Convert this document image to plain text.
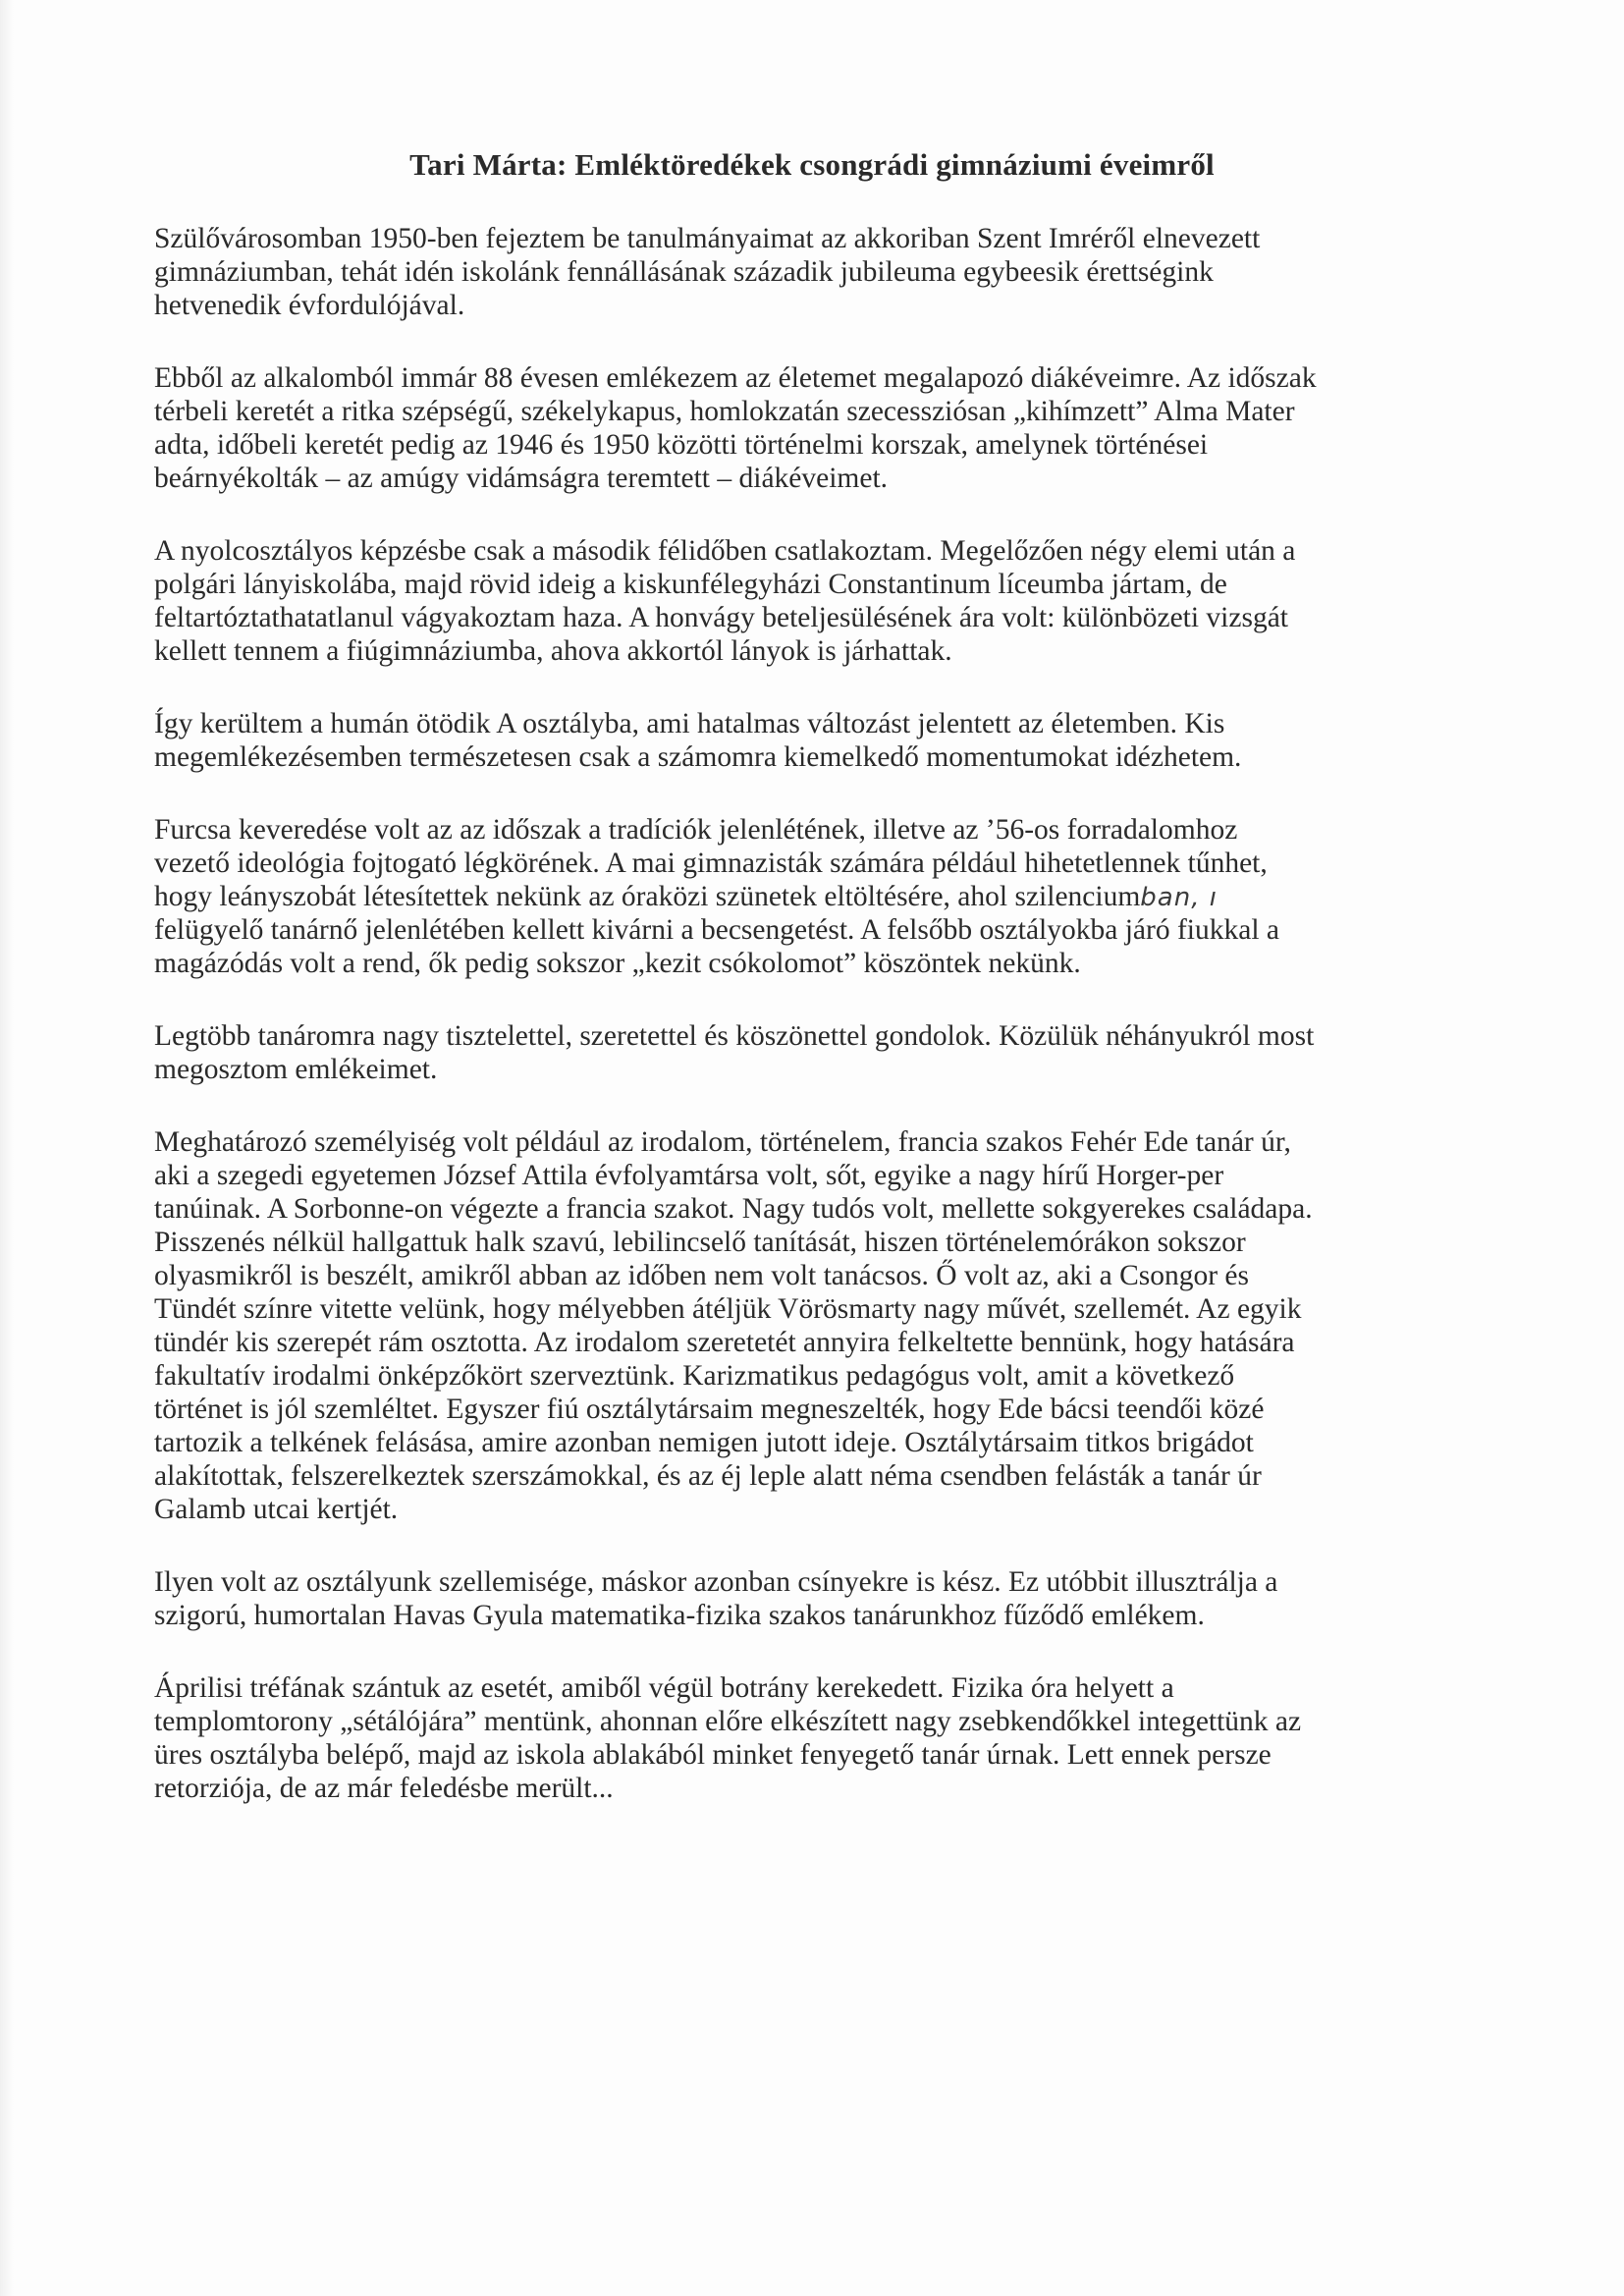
Tari Márta: Emléktöredékek csongrádi gimnáziumi éveimről

Szülővárosomban 1950-ben fejeztem be tanulmányaimat az akkoriban Szent Imréről elnevezett
gimnáziumban, tehát idén iskolánk fennállásának századik jubileuma egybeesik érettségink
hetvenedik évfordulójával.

Ebből az alkalomból immár 88 évesen emlékezem az életemet megalapozó diákéveimre. Az időszak
térbeli keretét a ritka szépségű, székelykapus, homlokzatán szecessziósan „kihímzett” Alma Mater
adta, időbeli keretét pedig az 1946 és 1950 közötti történelmi korszak, amelynek történései
beárnyékolták – az amúgy vidámságra teremtett – diákéveimet.

A nyolcosztályos képzésbe csak a második félidőben csatlakoztam. Megelőzően négy elemi után a
polgári lányiskolába, majd rövid ideig a kiskunfélegyházi Constantinum líceumba jártam, de
feltartóztathatatlanul vágyakoztam haza. A honvágy beteljesülésének ára volt: különbözeti vizsgát
kellett tennem a fiúgimnáziumba, ahova akkortól lányok is járhattak.

Így kerültem a humán ötödik A osztályba, ami hatalmas változást jelentett az életemben. Kis
megemlékezésemben természetesen csak a számomra kiemelkedő momentumokat idézhetem.

Furcsa keveredése volt az az időszak a tradíciók jelenlétének, illetve az ’56-os forradalomhoz
vezető ideológia fojtogató légkörének. A mai gimnazisták számára például hihetetlennek tűnhet,
hogy leányszobát létesítettek nekünk az óraközi szünetek eltöltésére, ahol szilenciumban, ı
felügyelő tanárnő jelenlétében kellett kivárni a becsengetést. A felsőbb osztályokba járó fiukkal a
magázódás volt a rend, ők pedig sokszor „kezit csókolomot” köszöntek nekünk.

Legtöbb tanáromra nagy tisztelettel, szeretettel és köszönettel gondolok. Közülük néhányukról most
megosztom emlékeimet.

Meghatározó személyiség volt például az irodalom, történelem, francia szakos Fehér Ede tanár úr,
aki a szegedi egyetemen József Attila évfolyamtársa volt, sőt, egyike a nagy hírű Horger-per
tanúinak. A Sorbonne-on végezte a francia szakot. Nagy tudós volt, mellette sokgyerekes családapa.
Pisszenés nélkül hallgattuk halk szavú, lebilincselő tanítását, hiszen történelemórákon sokszor
olyasmikről is beszélt, amikről abban az időben nem volt tanácsos. Ő volt az, aki a Csongor és
Tündét színre vitette velünk, hogy mélyebben átéljük Vörösmarty nagy művét, szellemét. Az egyik
tündér kis szerepét rám osztotta. Az irodalom szeretetét annyira felkeltette bennünk, hogy hatására
fakultatív irodalmi önképzőkört szerveztünk. Karizmatikus pedagógus volt, amit a következő
történet is jól szemléltet. Egyszer fiú osztálytársaim megneszelték, hogy Ede bácsi teendői közé
tartozik a telkének felásása, amire azonban nemigen jutott ideje. Osztálytársaim titkos brigádot
alakítottak, felszerelkeztek szerszámokkal, és az éj leple alatt néma csendben felásták a tanár úr
Galamb utcai kertjét.

Ilyen volt az osztályunk szellemisége, máskor azonban csínyekre is kész. Ez utóbbit illusztrálja a
szigorú, humortalan Havas Gyula matematika-fizika szakos tanárunkhoz fűződő emlékem.

Áprilisi tréfának szántuk az esetét, amiből végül botrány kerekedett. Fizika óra helyett a
templomtorony „sétálójára” mentünk, ahonnan előre elkészített nagy zsebkendőkkel integettünk az
üres osztályba belépő, majd az iskola ablakából minket fenyegető tanár úrnak. Lett ennek persze
retorziója, de az már feledésbe merült...
